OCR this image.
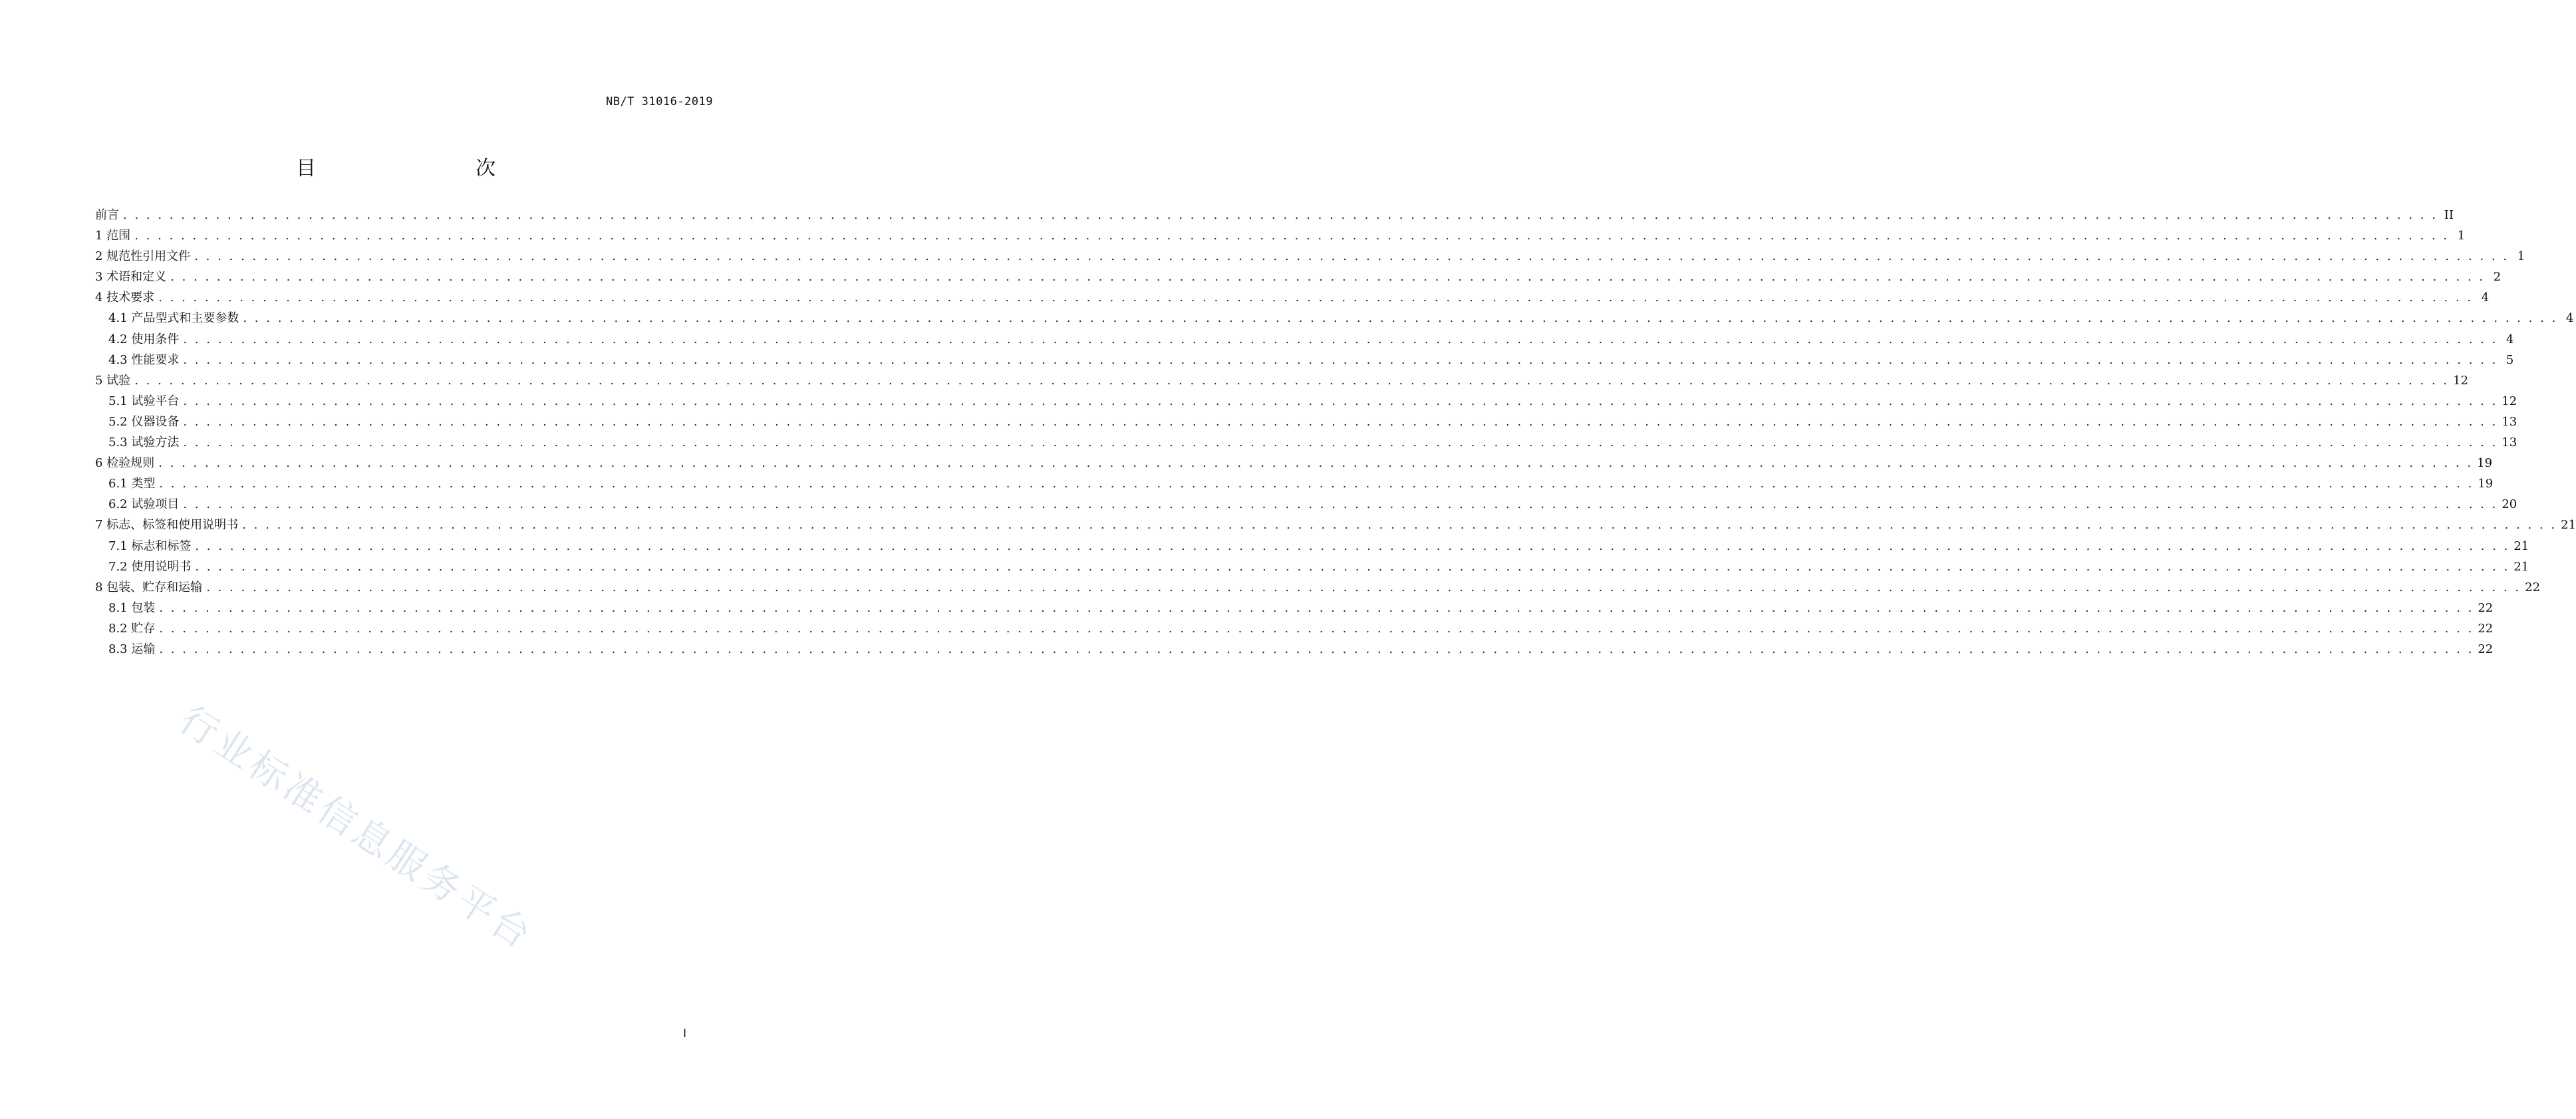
NB/T 31016-2019
目　　次
前言 . . . . . . . . . . . . . . . . . . . . . . . . . . . . . . . . . . . . . . . . . . . . . . . . . . . . . . . . . . . . . . . . . . . . . . . . . . . . . . . . . . . . . . . . . . . . . . . . . . . . . . . . . . . . . . . . . . . . . . . . . . . . . . . . . . . . . . . . . . . . . . . . . . . . . . . . . . . . . . . . . . . . . . . . . . . . . . . . . . . . . . . . . . . . . . . . . . . . . . . . II
1 范围 . . . . . . . . . . . . . . . . . . . . . . . . . . . . . . . . . . . . . . . . . . . . . . . . . . . . . . . . . . . . . . . . . . . . . . . . . . . . . . . . . . . . . . . . . . . . . . . . . . . . . . . . . . . . . . . . . . . . . . . . . . . . . . . . . . . . . . . . . . . . . . . . . . . . . . . . . . . . . . . . . . . . . . . . . . . . . . . . . . . . . . . . . . . . . . . . . . . . . . . . 1
2 规范性引用文件 . . . . . . . . . . . . . . . . . . . . . . . . . . . . . . . . . . . . . . . . . . . . . . . . . . . . . . . . . . . . . . . . . . . . . . . . . . . . . . . . . . . . . . . . . . . . . . . . . . . . . . . . . . . . . . . . . . . . . . . . . . . . . . . . . . . . . . . . . . . . . . . . . . . . . . . . . . . . . . . . . . . . . . . . . . . . . . . . . . . . . . . . . . . . . . . . . . . . . . . . 1
3 术语和定义 . . . . . . . . . . . . . . . . . . . . . . . . . . . . . . . . . . . . . . . . . . . . . . . . . . . . . . . . . . . . . . . . . . . . . . . . . . . . . . . . . . . . . . . . . . . . . . . . . . . . . . . . . . . . . . . . . . . . . . . . . . . . . . . . . . . . . . . . . . . . . . . . . . . . . . . . . . . . . . . . . . . . . . . . . . . . . . . . . . . . . . . . . . . . . . . . . . . . . . . . 2
4 技术要求 . . . . . . . . . . . . . . . . . . . . . . . . . . . . . . . . . . . . . . . . . . . . . . . . . . . . . . . . . . . . . . . . . . . . . . . . . . . . . . . . . . . . . . . . . . . . . . . . . . . . . . . . . . . . . . . . . . . . . . . . . . . . . . . . . . . . . . . . . . . . . . . . . . . . . . . . . . . . . . . . . . . . . . . . . . . . . . . . . . . . . . . . . . . . . . . . . . . . . . . . 4
4.1 产品型式和主要参数 . . . . . . . . . . . . . . . . . . . . . . . . . . . . . . . . . . . . . . . . . . . . . . . . . . . . . . . . . . . . . . . . . . . . . . . . . . . . . . . . . . . . . . . . . . . . . . . . . . . . . . . . . . . . . . . . . . . . . . . . . . . . . . . . . . . . . . . . . . . . . . . . . . . . . . . . . . . . . . . . . . . . . . . . . . . . . . . . . . . . . . . . . . . . . . . . . . . . . . . . 4
4.2 使用条件 . . . . . . . . . . . . . . . . . . . . . . . . . . . . . . . . . . . . . . . . . . . . . . . . . . . . . . . . . . . . . . . . . . . . . . . . . . . . . . . . . . . . . . . . . . . . . . . . . . . . . . . . . . . . . . . . . . . . . . . . . . . . . . . . . . . . . . . . . . . . . . . . . . . . . . . . . . . . . . . . . . . . . . . . . . . . . . . . . . . . . . . . . . . . . . . . . . . . . . . . 4
4.3 性能要求 . . . . . . . . . . . . . . . . . . . . . . . . . . . . . . . . . . . . . . . . . . . . . . . . . . . . . . . . . . . . . . . . . . . . . . . . . . . . . . . . . . . . . . . . . . . . . . . . . . . . . . . . . . . . . . . . . . . . . . . . . . . . . . . . . . . . . . . . . . . . . . . . . . . . . . . . . . . . . . . . . . . . . . . . . . . . . . . . . . . . . . . . . . . . . . . . . . . . . . . . 5
5 试验 . . . . . . . . . . . . . . . . . . . . . . . . . . . . . . . . . . . . . . . . . . . . . . . . . . . . . . . . . . . . . . . . . . . . . . . . . . . . . . . . . . . . . . . . . . . . . . . . . . . . . . . . . . . . . . . . . . . . . . . . . . . . . . . . . . . . . . . . . . . . . . . . . . . . . . . . . . . . . . . . . . . . . . . . . . . . . . . . . . . . . . . . . . . . . . . . . . . . . . . . 12
5.1 试验平台 . . . . . . . . . . . . . . . . . . . . . . . . . . . . . . . . . . . . . . . . . . . . . . . . . . . . . . . . . . . . . . . . . . . . . . . . . . . . . . . . . . . . . . . . . . . . . . . . . . . . . . . . . . . . . . . . . . . . . . . . . . . . . . . . . . . . . . . . . . . . . . . . . . . . . . . . . . . . . . . . . . . . . . . . . . . . . . . . . . . . . . . . . . . . . . . . . . . . . . . . 12
5.2 仪器设备 . . . . . . . . . . . . . . . . . . . . . . . . . . . . . . . . . . . . . . . . . . . . . . . . . . . . . . . . . . . . . . . . . . . . . . . . . . . . . . . . . . . . . . . . . . . . . . . . . . . . . . . . . . . . . . . . . . . . . . . . . . . . . . . . . . . . . . . . . . . . . . . . . . . . . . . . . . . . . . . . . . . . . . . . . . . . . . . . . . . . . . . . . . . . . . . . . . . . . . . . 13
5.3 试验方法 . . . . . . . . . . . . . . . . . . . . . . . . . . . . . . . . . . . . . . . . . . . . . . . . . . . . . . . . . . . . . . . . . . . . . . . . . . . . . . . . . . . . . . . . . . . . . . . . . . . . . . . . . . . . . . . . . . . . . . . . . . . . . . . . . . . . . . . . . . . . . . . . . . . . . . . . . . . . . . . . . . . . . . . . . . . . . . . . . . . . . . . . . . . . . . . . . . . . . . . . 13
6 检验规则 . . . . . . . . . . . . . . . . . . . . . . . . . . . . . . . . . . . . . . . . . . . . . . . . . . . . . . . . . . . . . . . . . . . . . . . . . . . . . . . . . . . . . . . . . . . . . . . . . . . . . . . . . . . . . . . . . . . . . . . . . . . . . . . . . . . . . . . . . . . . . . . . . . . . . . . . . . . . . . . . . . . . . . . . . . . . . . . . . . . . . . . . . . . . . . . . . . . . . . . . 19
6.1 类型 . . . . . . . . . . . . . . . . . . . . . . . . . . . . . . . . . . . . . . . . . . . . . . . . . . . . . . . . . . . . . . . . . . . . . . . . . . . . . . . . . . . . . . . . . . . . . . . . . . . . . . . . . . . . . . . . . . . . . . . . . . . . . . . . . . . . . . . . . . . . . . . . . . . . . . . . . . . . . . . . . . . . . . . . . . . . . . . . . . . . . . . . . . . . . . . . . . . . . . . . 19
6.2 试验项目 . . . . . . . . . . . . . . . . . . . . . . . . . . . . . . . . . . . . . . . . . . . . . . . . . . . . . . . . . . . . . . . . . . . . . . . . . . . . . . . . . . . . . . . . . . . . . . . . . . . . . . . . . . . . . . . . . . . . . . . . . . . . . . . . . . . . . . . . . . . . . . . . . . . . . . . . . . . . . . . . . . . . . . . . . . . . . . . . . . . . . . . . . . . . . . . . . . . . . . . . 20
7 标志、标签和使用说明书 . . . . . . . . . . . . . . . . . . . . . . . . . . . . . . . . . . . . . . . . . . . . . . . . . . . . . . . . . . . . . . . . . . . . . . . . . . . . . . . . . . . . . . . . . . . . . . . . . . . . . . . . . . . . . . . . . . . . . . . . . . . . . . . . . . . . . . . . . . . . . . . . . . . . . . . . . . . . . . . . . . . . . . . . . . . . . . . . . . . . . . . . . . . . . . . . . . . . . . . . 21
7.1 标志和标签 . . . . . . . . . . . . . . . . . . . . . . . . . . . . . . . . . . . . . . . . . . . . . . . . . . . . . . . . . . . . . . . . . . . . . . . . . . . . . . . . . . . . . . . . . . . . . . . . . . . . . . . . . . . . . . . . . . . . . . . . . . . . . . . . . . . . . . . . . . . . . . . . . . . . . . . . . . . . . . . . . . . . . . . . . . . . . . . . . . . . . . . . . . . . . . . . . . . . . . . . 21
7.2 使用说明书 . . . . . . . . . . . . . . . . . . . . . . . . . . . . . . . . . . . . . . . . . . . . . . . . . . . . . . . . . . . . . . . . . . . . . . . . . . . . . . . . . . . . . . . . . . . . . . . . . . . . . . . . . . . . . . . . . . . . . . . . . . . . . . . . . . . . . . . . . . . . . . . . . . . . . . . . . . . . . . . . . . . . . . . . . . . . . . . . . . . . . . . . . . . . . . . . . . . . . . . . 21
8 包装、贮存和运输 . . . . . . . . . . . . . . . . . . . . . . . . . . . . . . . . . . . . . . . . . . . . . . . . . . . . . . . . . . . . . . . . . . . . . . . . . . . . . . . . . . . . . . . . . . . . . . . . . . . . . . . . . . . . . . . . . . . . . . . . . . . . . . . . . . . . . . . . . . . . . . . . . . . . . . . . . . . . . . . . . . . . . . . . . . . . . . . . . . . . . . . . . . . . . . . . . . . . . . . . 22
8.1 包装 . . . . . . . . . . . . . . . . . . . . . . . . . . . . . . . . . . . . . . . . . . . . . . . . . . . . . . . . . . . . . . . . . . . . . . . . . . . . . . . . . . . . . . . . . . . . . . . . . . . . . . . . . . . . . . . . . . . . . . . . . . . . . . . . . . . . . . . . . . . . . . . . . . . . . . . . . . . . . . . . . . . . . . . . . . . . . . . . . . . . . . . . . . . . . . . . . . . . . . . . 22
8.2 贮存 . . . . . . . . . . . . . . . . . . . . . . . . . . . . . . . . . . . . . . . . . . . . . . . . . . . . . . . . . . . . . . . . . . . . . . . . . . . . . . . . . . . . . . . . . . . . . . . . . . . . . . . . . . . . . . . . . . . . . . . . . . . . . . . . . . . . . . . . . . . . . . . . . . . . . . . . . . . . . . . . . . . . . . . . . . . . . . . . . . . . . . . . . . . . . . . . . . . . . . . . 22
8.3 运输 . . . . . . . . . . . . . . . . . . . . . . . . . . . . . . . . . . . . . . . . . . . . . . . . . . . . . . . . . . . . . . . . . . . . . . . . . . . . . . . . . . . . . . . . . . . . . . . . . . . . . . . . . . . . . . . . . . . . . . . . . . . . . . . . . . . . . . . . . . . . . . . . . . . . . . . . . . . . . . . . . . . . . . . . . . . . . . . . . . . . . . . . . . . . . . . . . . . . . . . . 22
行业标准信息服务平台
I
